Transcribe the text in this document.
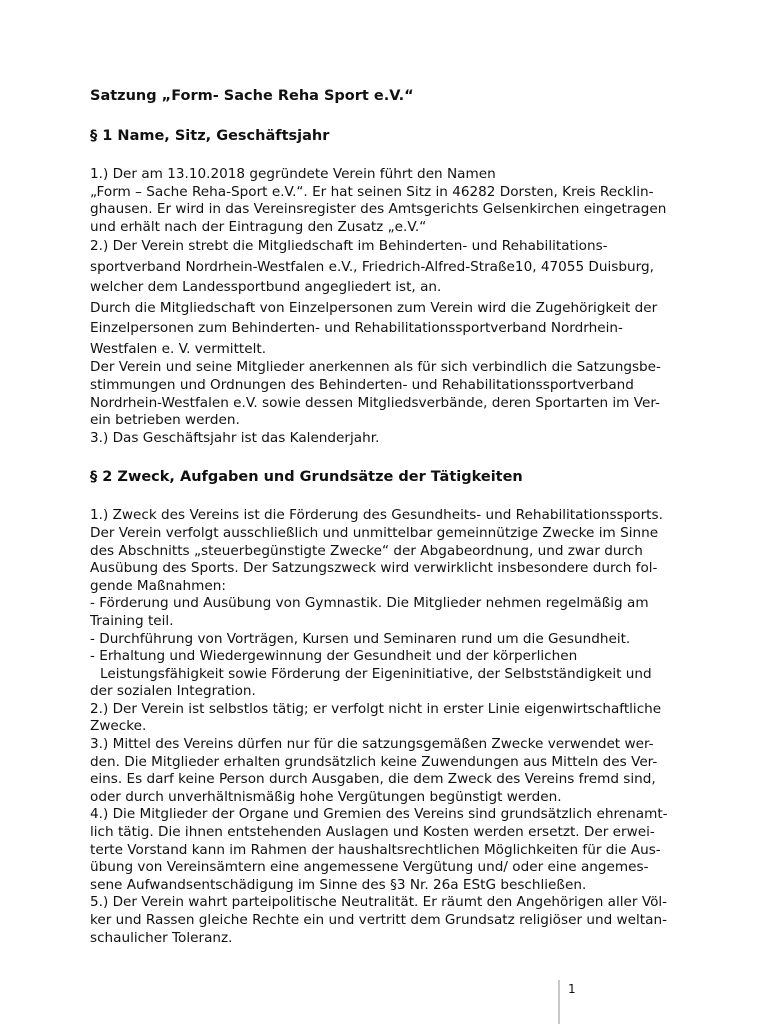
Satzung „Form- Sache Reha Sport e.V.“
§ 1 Name, Sitz, Geschäftsjahr
1.) Der am 13.10.2018 gegründete Verein führt den Namen
„Form – Sache Reha-Sport e.V.“. Er hat seinen Sitz in 46282 Dorsten, Kreis Recklin-
ghausen. Er wird in das Vereinsregister des Amtsgerichts Gelsenkirchen eingetragen
und erhält nach der Eintragung den Zusatz „e.V.“
2.) Der Verein strebt die Mitgliedschaft im Behinderten- und Rehabilitations-
sportverband Nordrhein-Westfalen e.V., Friedrich-Alfred-Straße10, 47055 Duisburg,
welcher dem Landessportbund angegliedert ist, an.
Durch die Mitgliedschaft von Einzelpersonen zum Verein wird die Zugehörigkeit der
Einzelpersonen zum Behinderten- und Rehabilitationssportverband Nordrhein-
Westfalen e. V. vermittelt.
Der Verein und seine Mitglieder anerkennen als für sich verbindlich die Satzungsbe-
stimmungen und Ordnungen des Behinderten- und Rehabilitationssportverband
Nordrhein-Westfalen e.V. sowie dessen Mitgliedsverbände, deren Sportarten im Ver-
ein betrieben werden.
3.) Das Geschäftsjahr ist das Kalenderjahr.
§ 2 Zweck, Aufgaben und Grundsätze der Tätigkeiten
1.) Zweck des Vereins ist die Förderung des Gesundheits- und Rehabilitationssports.
Der Verein verfolgt ausschließlich und unmittelbar gemeinnützige Zwecke im Sinne
des Abschnitts „steuerbegünstigte Zwecke“ der Abgabeordnung, und zwar durch
Ausübung des Sports. Der Satzungszweck wird verwirklicht insbesondere durch fol-
gende Maßnahmen:
- Förderung und Ausübung von Gymnastik. Die Mitglieder nehmen regelmäßig am
Training teil.
- Durchführung von Vorträgen, Kursen und Seminaren rund um die Gesundheit.
- Erhaltung und Wiedergewinnung der Gesundheit und der körperlichen
Leistungsfähigkeit sowie Förderung der Eigeninitiative, der Selbstständigkeit und
der sozialen Integration.
2.) Der Verein ist selbstlos tätig; er verfolgt nicht in erster Linie eigenwirtschaftliche
Zwecke.
3.) Mittel des Vereins dürfen nur für die satzungsgemäßen Zwecke verwendet wer-
den. Die Mitglieder erhalten grundsätzlich keine Zuwendungen aus Mitteln des Ver-
eins. Es darf keine Person durch Ausgaben, die dem Zweck des Vereins fremd sind,
oder durch unverhältnismäßig hohe Vergütungen begünstigt werden.
4.) Die Mitglieder der Organe und Gremien des Vereins sind grundsätzlich ehrenamt-
lich tätig. Die ihnen entstehenden Auslagen und Kosten werden ersetzt. Der erwei-
terte Vorstand kann im Rahmen der haushaltsrechtlichen Möglichkeiten für die Aus-
übung von Vereinsämtern eine angemessene Vergütung und/ oder eine angemes-
sene Aufwandsentschädigung im Sinne des §3 Nr. 26a EStG beschließen.
5.) Der Verein wahrt parteipolitische Neutralität. Er räumt den Angehörigen aller Völ-
ker und Rassen gleiche Rechte ein und vertritt dem Grundsatz religiöser und weltan-
schaulicher Toleranz.
1
